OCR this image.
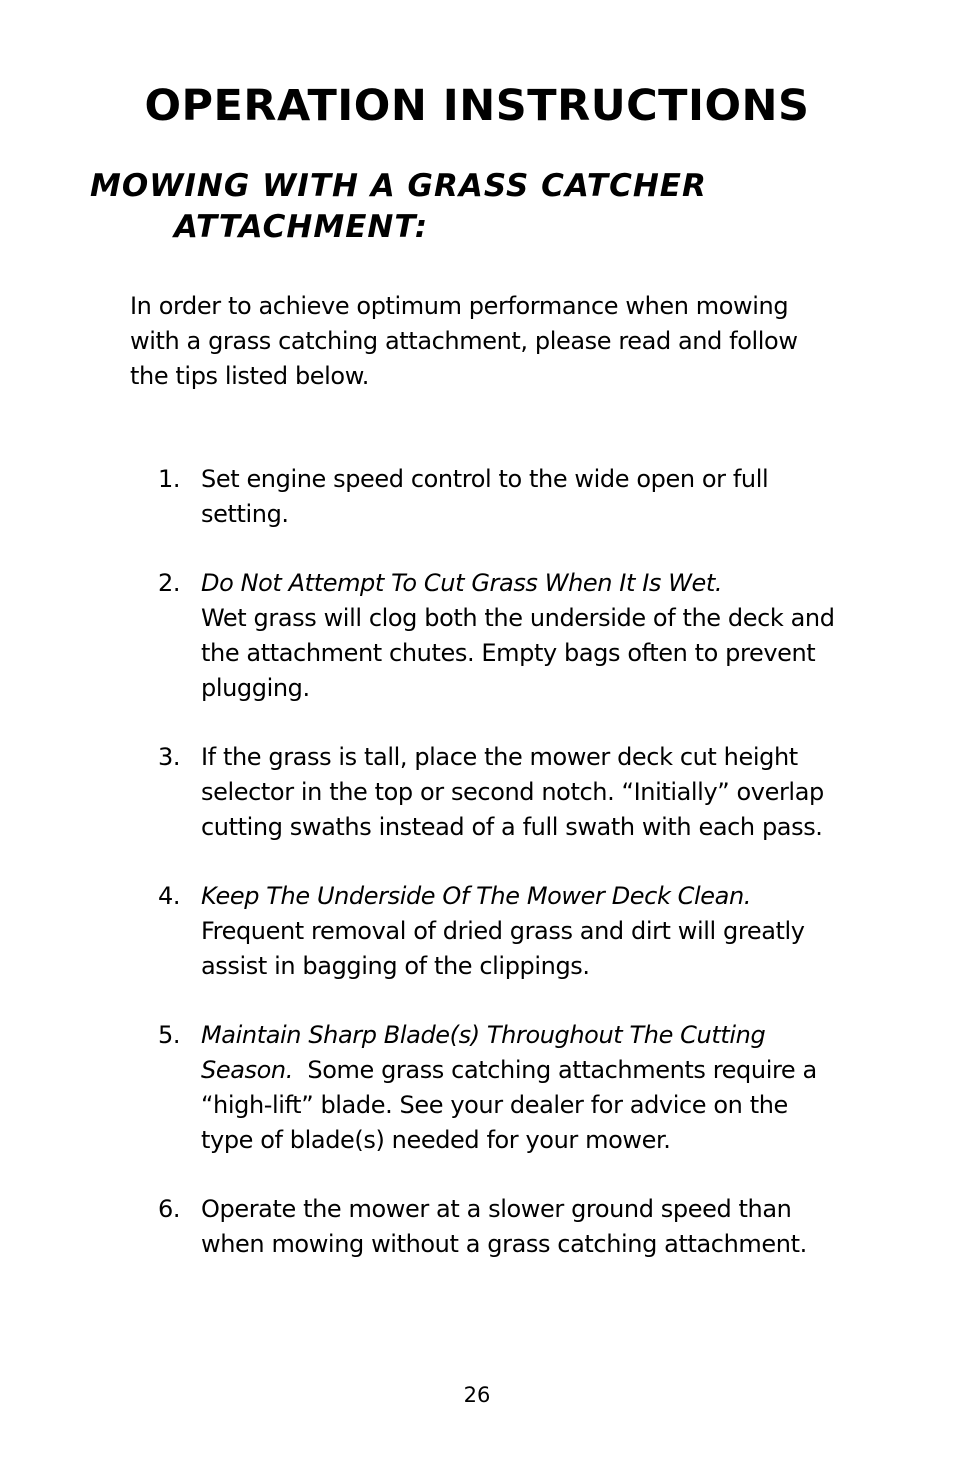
OPERATION INSTRUCTIONS
MOWING WITH A GRASS CATCHER
ATTACHMENT:

In order to achieve optimum performance when mowing with a grass catching attachment, please read and follow the tips listed below.

1. Set engine speed control to the wide open or full setting.
2. Do Not Attempt To Cut Grass When It Is Wet.
Wet grass will clog both the underside of the deck and the attachment chutes. Empty bags often to prevent plugging.
3. If the grass is tall, place the mower deck cut height selector in the top or second notch. “Initially” overlap cutting swaths instead of a full swath with each pass.
4. Keep The Underside Of The Mower Deck Clean.
Frequent removal of dried grass and dirt will greatly assist in bagging of the clippings.
5. Maintain Sharp Blade(s) Throughout The Cutting Season. Some grass catching attachments require a “high-lift” blade. See your dealer for advice on the type of blade(s) needed for your mower.
6. Operate the mower at a slower ground speed than when mowing without a grass catching attachment.
26
